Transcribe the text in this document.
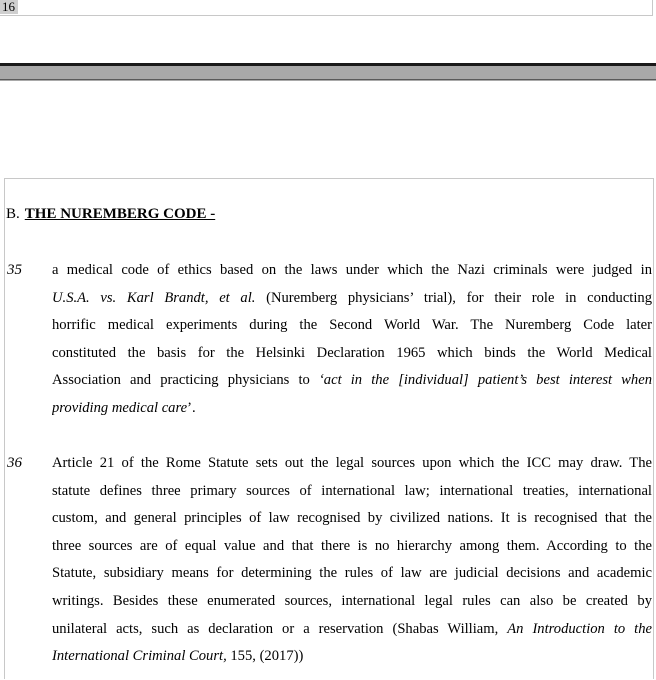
16
B. THE NUREMBERG CODE -
35 a medical code of ethics based on the laws under which the Nazi criminals were judged in
U.S.A. vs. Karl Brandt, et al. (Nuremberg physicians’ trial), for their role in conducting
horrific medical experiments during the Second World War. The Nuremberg Code later
constituted the basis for the Helsinki Declaration 1965 which binds the World Medical
Association and practicing physicians to ‘act in the [individual] patient’s best interest when
providing medical care’.
36 Article 21 of the Rome Statute sets out the legal sources upon which the ICC may draw. The
statute defines three primary sources of international law; international treaties, international
custom, and general principles of law recognised by civilized nations. It is recognised that the
three sources are of equal value and that there is no hierarchy among them. According to the
Statute, subsidiary means for determining the rules of law are judicial decisions and academic
writings. Besides these enumerated sources, international legal rules can also be created by
unilateral acts, such as declaration or a reservation (Shabas William, An Introduction to the
International Criminal Court, 155, (2017))
